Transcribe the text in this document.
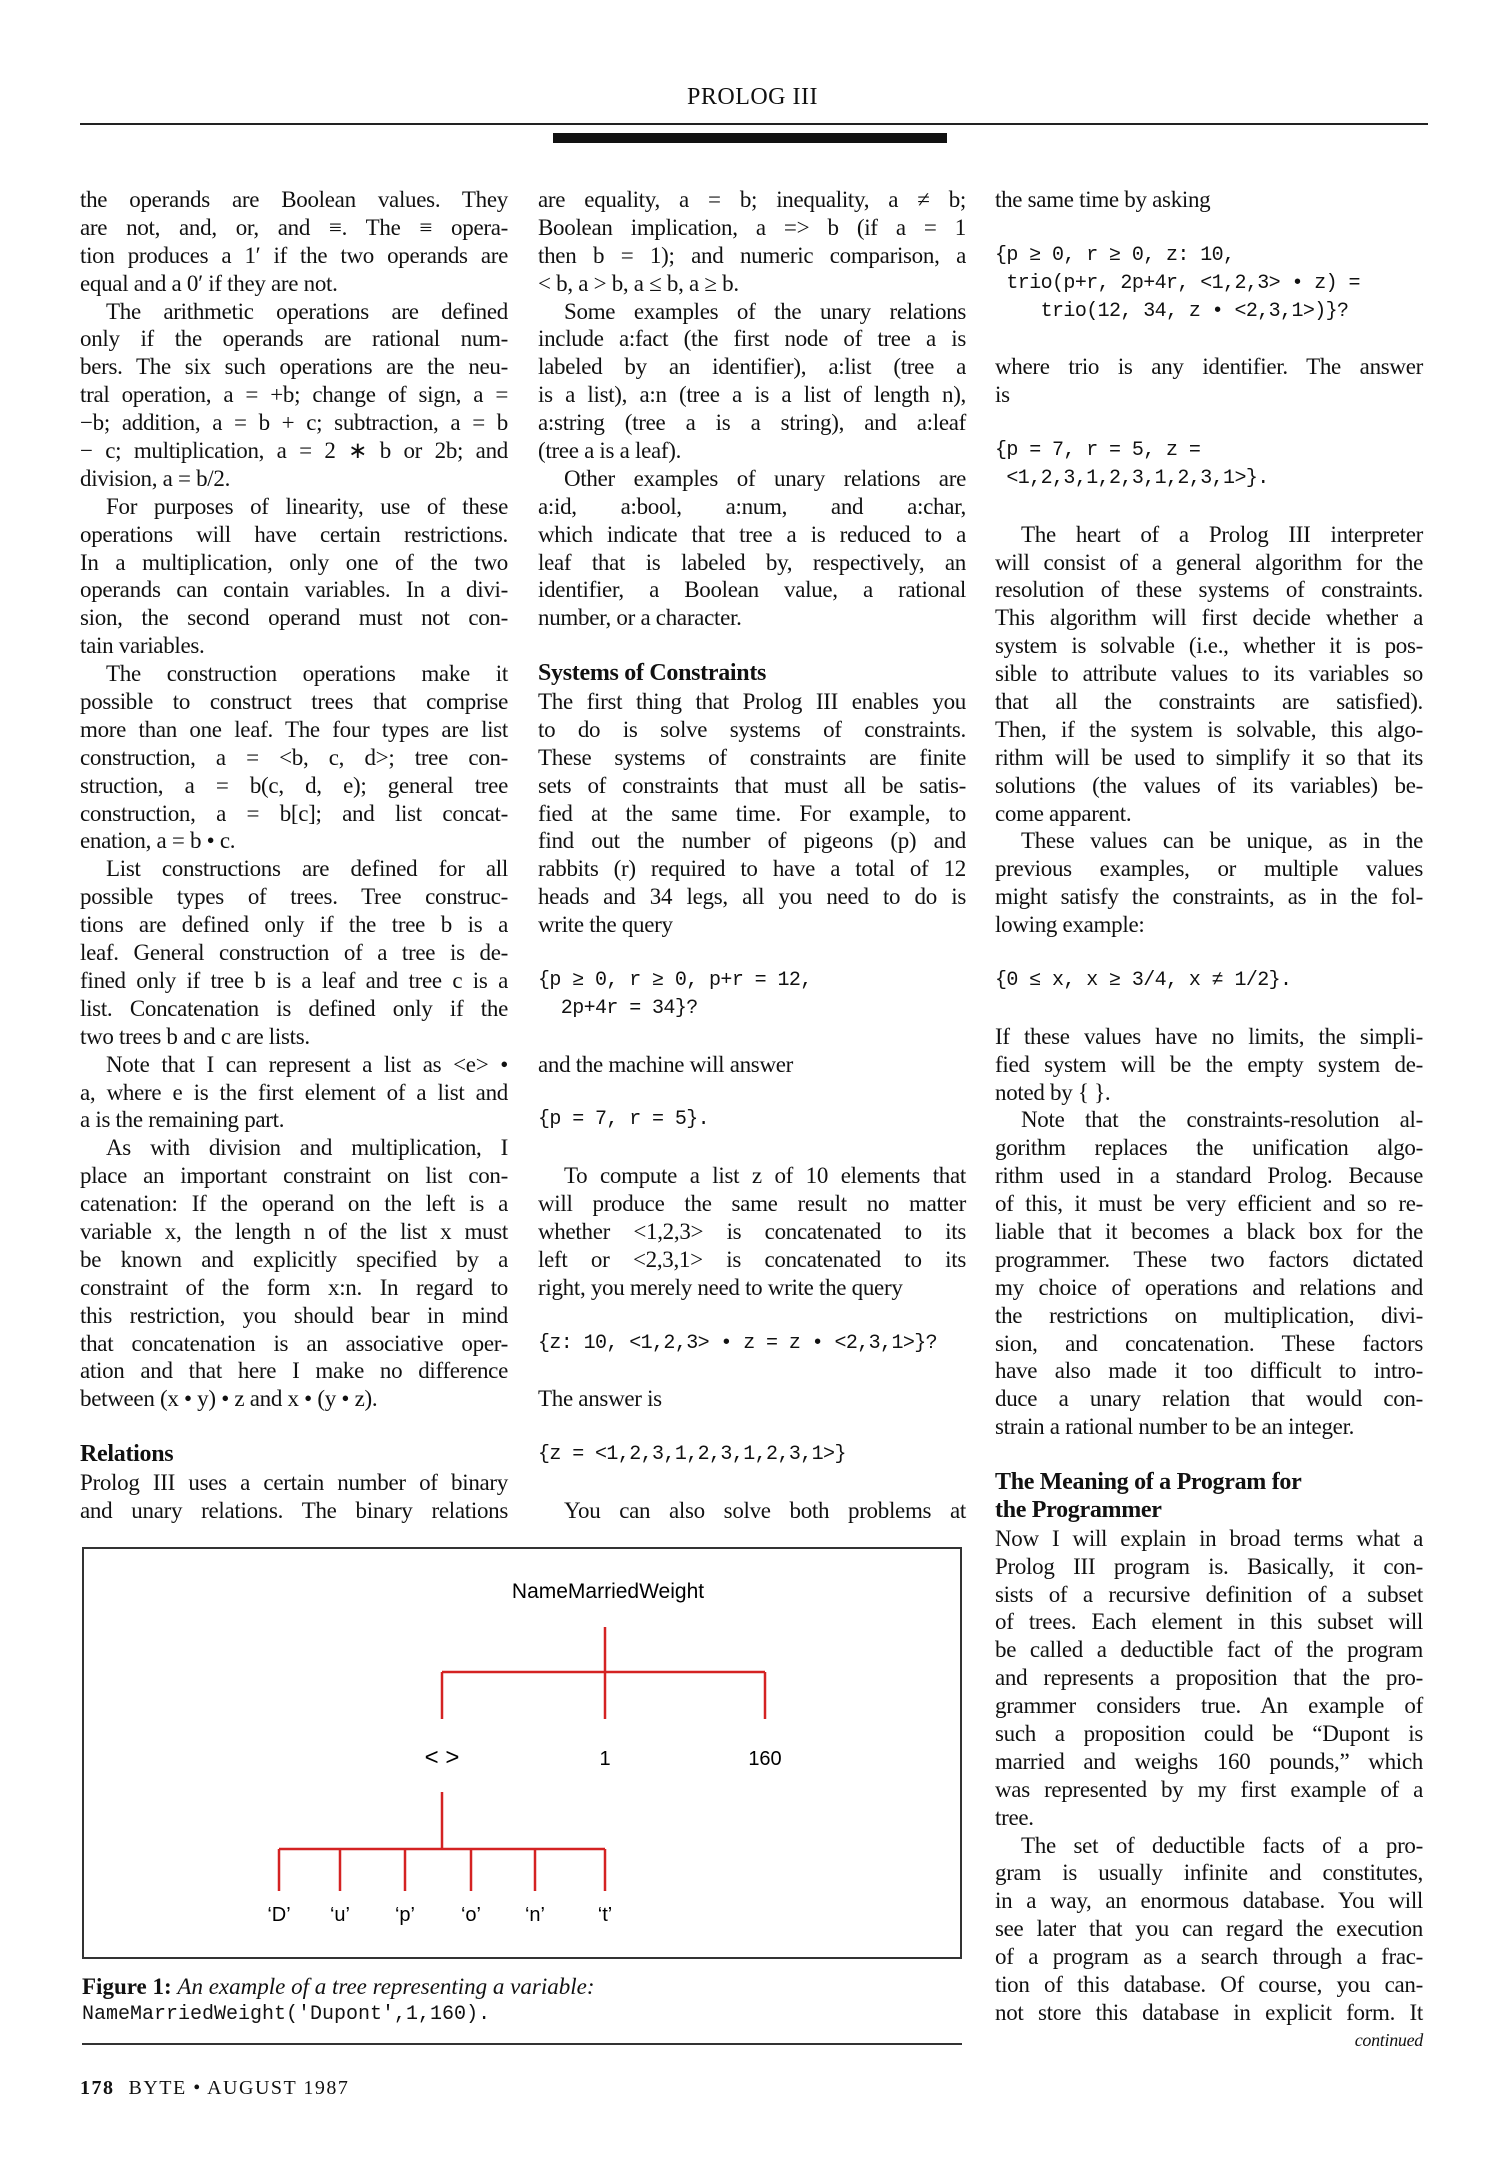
PROLOG III
the operands are Boolean values. They
are not, and, or, and ≡. The ≡ opera-
tion produces a 1′ if the two operands are
equal and a 0′ if they are not.
The arithmetic operations are defined
only if the operands are rational num-
bers. The six such operations are the neu-
tral operation, a = +b; change of sign, a =
−b; addition, a = b + c; subtraction, a = b
− c; multiplication, a = 2 ∗ b or 2b; and
division, a = b/2.
For purposes of linearity, use of these
operations will have certain restrictions.
In a multiplication, only one of the two
operands can contain variables. In a divi-
sion, the second operand must not con-
tain variables.
The construction operations make it
possible to construct trees that comprise
more than one leaf. The four types are list
construction, a = <b, c, d>; tree con-
struction, a = b(c, d, e); general tree
construction, a = b[c]; and list concat-
enation, a = b • c.
List constructions are defined for all
possible types of trees. Tree construc-
tions are defined only if the tree b is a
leaf. General construction of a tree is de-
fined only if tree b is a leaf and tree c is a
list. Concatenation is defined only if the
two trees b and c are lists.
Note that I can represent a list as <e> •
a, where e is the first element of a list and
a is the remaining part.
As with division and multiplication, I
place an important constraint on list con-
catenation: If the operand on the left is a
variable x, the length n of the list x must
be known and explicitly specified by a
constraint of the form x:n. In regard to
this restriction, you should bear in mind
that concatenation is an associative oper-
ation and that here I make no difference
between (x • y) • z and x • (y • z).
Relations
Prolog III uses a certain number of binary
and unary relations. The binary relations
are equality, a = b; inequality, a ≠ b;
Boolean implication, a => b (if a = 1
then b = 1); and numeric comparison, a
< b, a > b, a ≤ b, a ≥ b.
Some examples of the unary relations
include a:fact (the first node of tree a is
labeled by an identifier), a:list (tree a
is a list), a:n (tree a is a list of length n),
a:string (tree a is a string), and a:leaf
(tree a is a leaf).
Other examples of unary relations are
a:id, a:bool, a:num, and a:char,
which indicate that tree a is reduced to a
leaf that is labeled by, respectively, an
identifier, a Boolean value, a rational
number, or a character.
Systems of Constraints
The first thing that Prolog III enables you
to do is solve systems of constraints.
These systems of constraints are finite
sets of constraints that must all be satis-
fied at the same time. For example, to
find out the number of pigeons (p) and
rabbits (r) required to have a total of 12
heads and 34 legs, all you need to do is
write the query
{p ≥ 0, r ≥ 0, p+r = 12,
2p+4r = 34}?
and the machine will answer
{p = 7, r = 5}.
To compute a list z of 10 elements that
will produce the same result no matter
whether <1,2,3> is concatenated to its
left or <2,3,1> is concatenated to its
right, you merely need to write the query
{z: 10, <1,2,3> • z = z • <2,3,1>}?
The answer is
{z = <1,2,3,1,2,3,1,2,3,1>}
You can also solve both problems at
the same time by asking
{p ≥ 0, r ≥ 0, z: 10,
trio(p+r, 2p+4r, <1,2,3> • z) =
trio(12, 34, z • <2,3,1>)}?
where trio is any identifier. The answer
is
{p = 7, r = 5, z =
<1,2,3,1,2,3,1,2,3,1>}.
The heart of a Prolog III interpreter
will consist of a general algorithm for the
resolution of these systems of constraints.
This algorithm will first decide whether a
system is solvable (i.e., whether it is pos-
sible to attribute values to its variables so
that all the constraints are satisfied).
Then, if the system is solvable, this algo-
rithm will be used to simplify it so that its
solutions (the values of its variables) be-
come apparent.
These values can be unique, as in the
previous examples, or multiple values
might satisfy the constraints, as in the fol-
lowing example:
{0 ≤ x, x ≥ 3/4, x ≠ 1/2}.
If these values have no limits, the simpli-
fied system will be the empty system de-
noted by { }.
Note that the constraints-resolution al-
gorithm replaces the unification algo-
rithm used in a standard Prolog. Because
of this, it must be very efficient and so re-
liable that it becomes a black box for the
programmer. These two factors dictated
my choice of operations and relations and
the restrictions on multiplication, divi-
sion, and concatenation. These factors
have also made it too difficult to intro-
duce a unary relation that would con-
strain a rational number to be an integer.
The Meaning of a Program for
the Programmer
Now I will explain in broad terms what a
Prolog III program is. Basically, it con-
sists of a recursive definition of a subset
of trees. Each element in this subset will
be called a deductible fact of the program
and represents a proposition that the pro-
grammer considers true. An example of
such a proposition could be “Dupont is
married and weighs 160 pounds,” which
was represented by my first example of a
tree.
The set of deductible facts of a pro-
gram is usually infinite and constitutes,
in a way, an enormous database. You will
see later that you can regard the execution
of a program as a search through a frac-
tion of this database. Of course, you can-
not store this database in explicit form. It
continued
NameMarriedWeight
< >	1	160
‘D’ ‘u’ ‘p’ ‘o’ ‘n’	‘t’
Figure 1: An example of a tree representing a variable:
NameMarriedWeight('Dupont',1,160).
178 BYTE • AUGUST 1987
